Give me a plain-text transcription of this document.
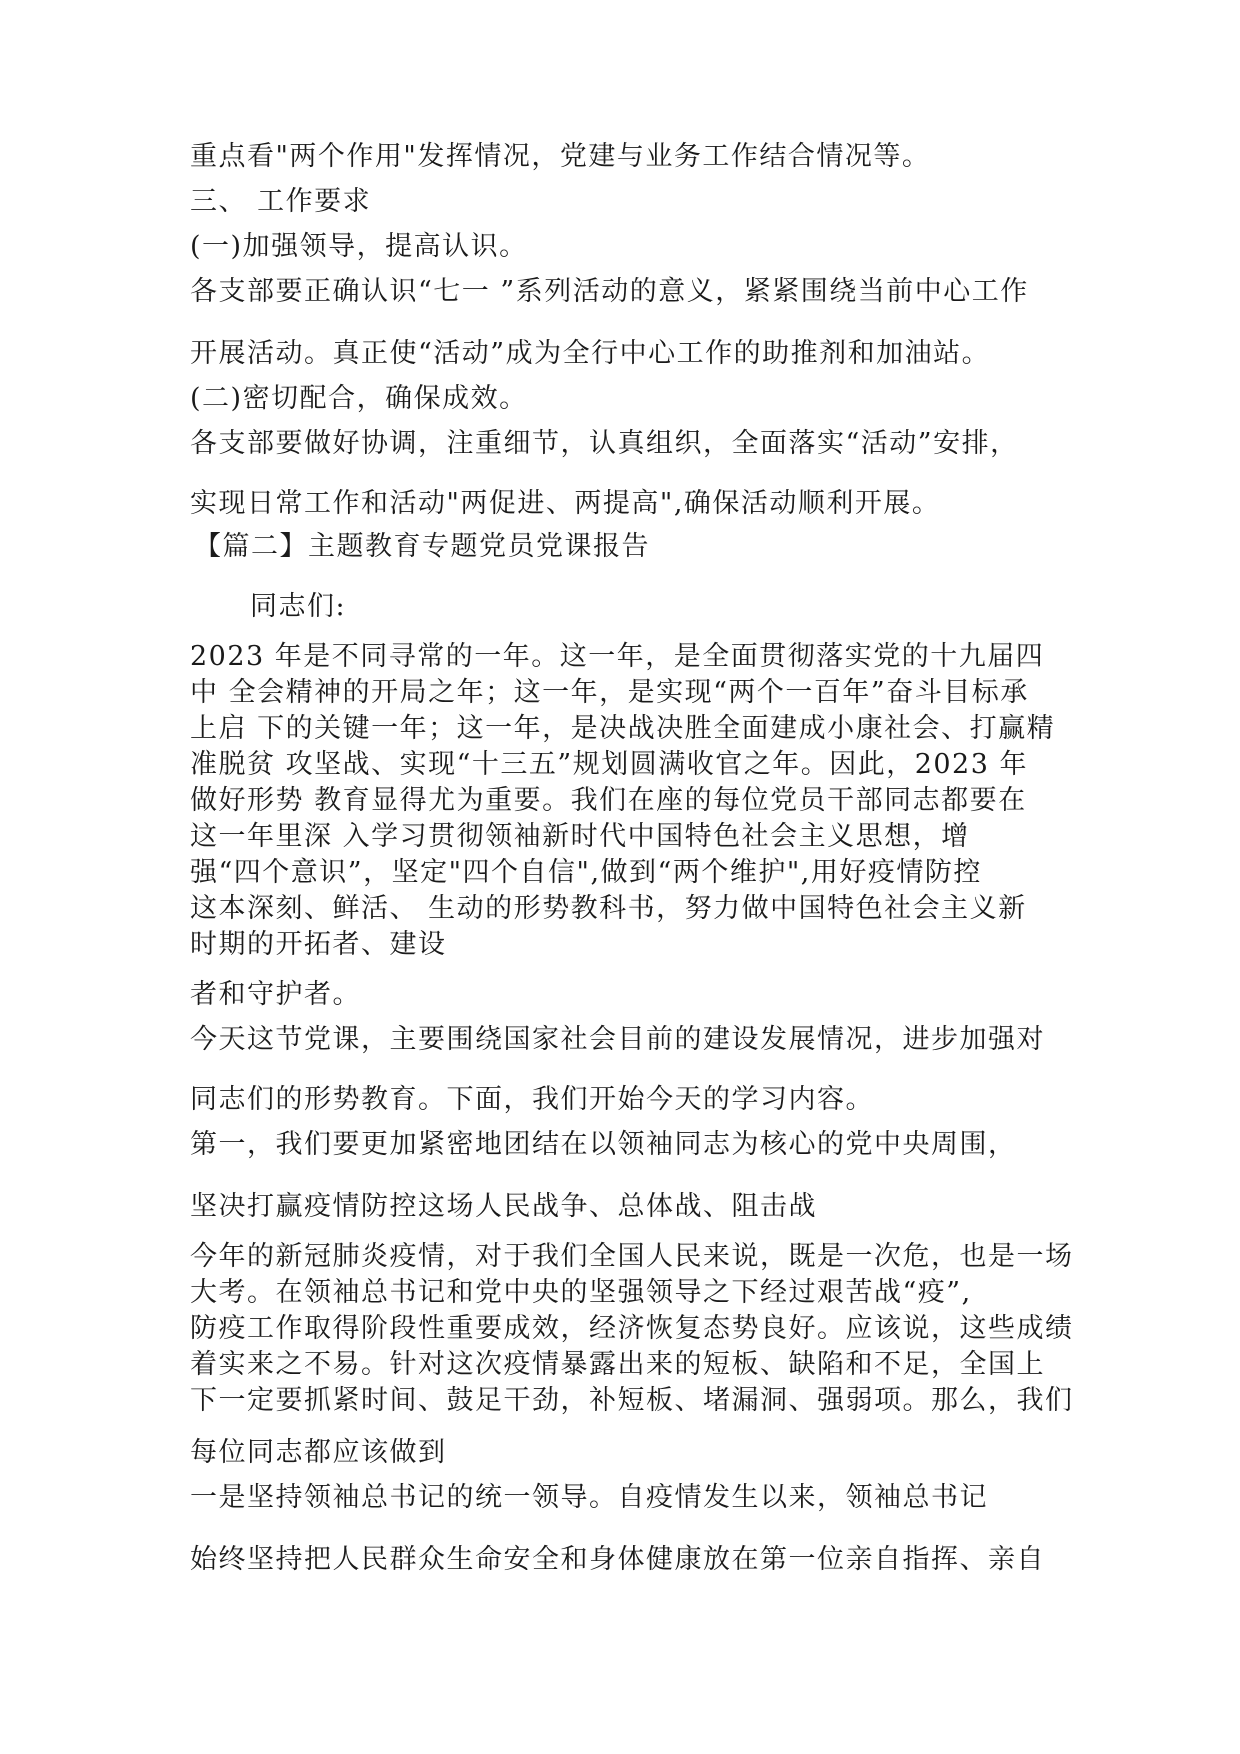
重点看"两个作用"发挥情况，党建与业务工作结合情况等。

三、 工作要求

(一)加强领导，提高认识。

各支部要正确认识“七一 ”系列活动的意义，紧紧围绕当前中心工作

开展活动。真正使“活动”成为全行中心工作的助推剂和加油站。

(二)密切配合，确保成效。

各支部要做好协调，注重细节，认真组织，全面落实“活动”安排，

实现日常工作和活动"两促进、两提高",确保活动顺利开展。

【篇二】主题教育专题党员党课报告

同志们:

2023 年是不同寻常的一年。这一年，是全面贯彻落实党的十九届四

中 全会精神的开局之年；这一年，是实现“两个一百年”奋斗目标承

上启 下的关键一年；这一年，是决战决胜全面建成小康社会、打赢精

准脱贫 攻坚战、实现“十三五”规划圆满收官之年。因此，2023 年

做好形势 教育显得尤为重要。我们在座的每位党员干部同志都要在

这一年里深 入学习贯彻领袖新时代中国特色社会主义思想，增

强“四个意识”，坚定"四个自信",做到“两个维护",用好疫情防控

这本深刻、鲜活、 生动的形势教科书，努力做中国特色社会主义新

时期的开拓者、建设

者和守护者。

今天这节党课，主要围绕国家社会目前的建设发展情况，进步加强对

同志们的形势教育。下面，我们开始今天的学习内容。

第一，我们要更加紧密地团结在以领袖同志为核心的党中央周围，

坚决打赢疫情防控这场人民战争、总体战、阻击战

今年的新冠肺炎疫情，对于我们全国人民来说，既是一次危，也是一场

大考。在领袖总书记和党中央的坚强领导之下经过艰苦战“疫”,

防疫工作取得阶段性重要成效，经济恢复态势良好。应该说，这些成绩

着实来之不易。针对这次疫情暴露出来的短板、缺陷和不足，全国上

下一定要抓紧时间、鼓足干劲，补短板、堵漏洞、强弱项。那么，我们

每位同志都应该做到

一是坚持领袖总书记的统一领导。自疫情发生以来，领袖总书记

始终坚持把人民群众生命安全和身体健康放在第一位亲自指挥、亲自
